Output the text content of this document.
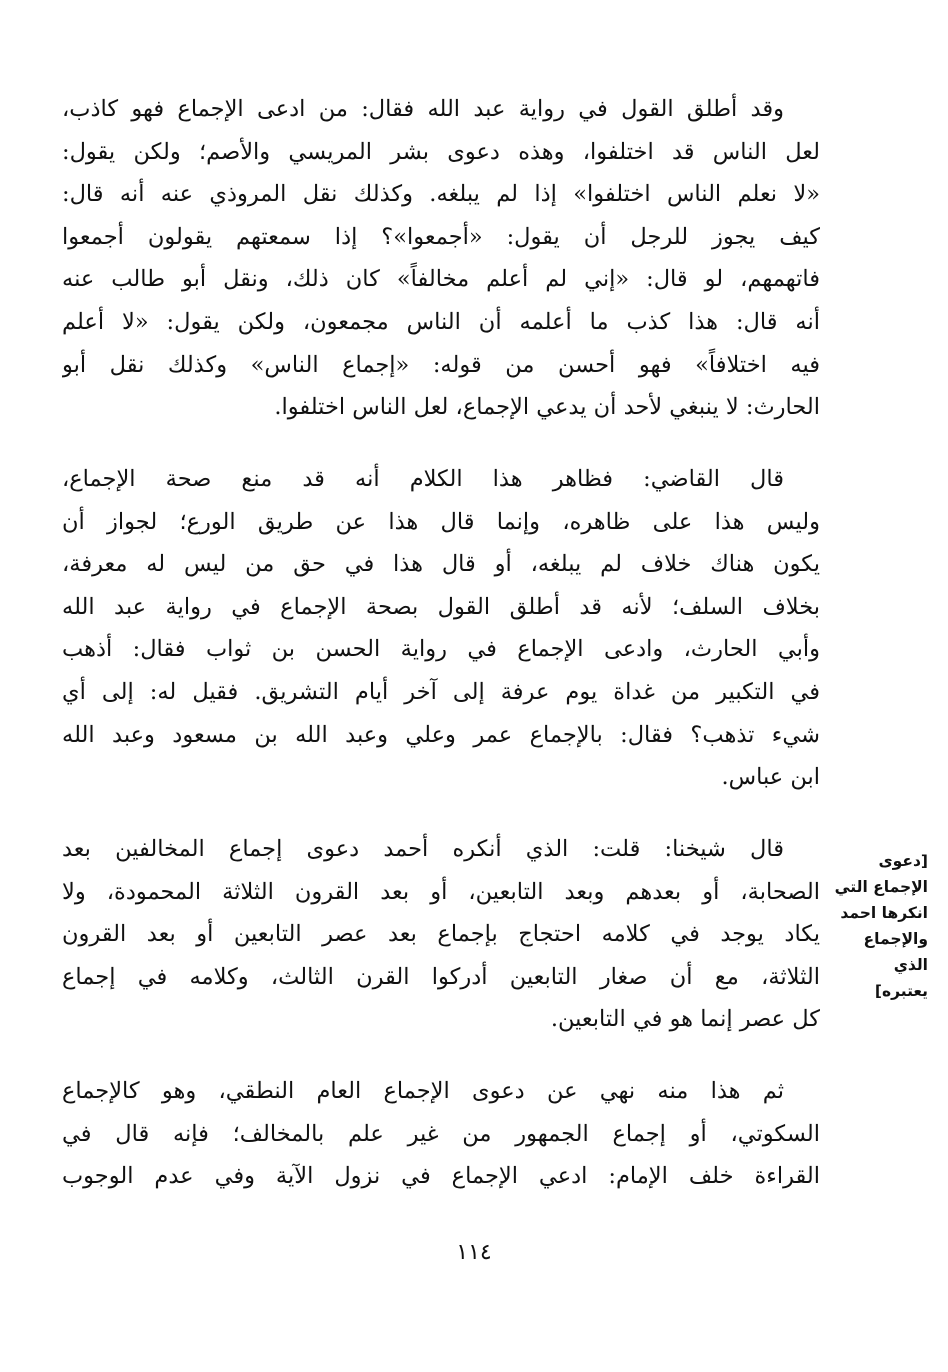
وقد أطلق القول في رواية عبد الله فقال: من ادعى الإجماع فهو كاذب،
لعل الناس قد اختلفوا، وهذه دعوى بشر المريسي والأصم؛ ولكن يقول:
«لا نعلم الناس اختلفوا» إذا لم يبلغه. وكذلك نقل المروذي عنه أنه قال:
كيف يجوز للرجل أن يقول: «أجمعوا»؟ إذا سمعتهم يقولون أجمعوا
فاتهمهم، لو قال: «إني لم أعلم مخالفاً» كان ذلك، ونقل أبو طالب عنه
أنه قال: هذا كذب ما أعلمه أن الناس مجمعون، ولكن يقول: «لا أعلم
فيه اختلافاً» فهو أحسن من قوله: «إجماع الناس» وكذلك نقل أبو
الحارث: لا ينبغي لأحد أن يدعي الإجماع، لعل الناس اختلفوا.
قال القاضي: فظاهر هذا الكلام أنه قد منع صحة الإجماع،
وليس هذا على ظاهره، وإنما قال هذا عن طريق الورع؛ لجواز أن
يكون هناك خلاف لم يبلغه، أو قال هذا في حق من ليس له معرفة،
بخلاف السلف؛ لأنه قد أطلق القول بصحة الإجماع في رواية عبد الله
وأبي الحارث، وادعى الإجماع في رواية الحسن بن ثواب فقال: أذهب
في التكبير من غداة يوم عرفة إلى آخر أيام التشريق. فقيل له: إلى أي
شيء تذهب؟ فقال: بالإجماع عمر وعلي وعبد الله بن مسعود وعبد الله
ابن عباس.
قال شيخنا: قلت: الذي أنكره أحمد دعوى إجماع المخالفين بعد
الصحابة، أو بعدهم وبعد التابعين، أو بعد القرون الثلاثة المحمودة، ولا
يكاد يوجد في كلامه احتجاج بإجماع بعد عصر التابعين أو بعد القرون
الثلاثة، مع أن صغار التابعين أدركوا القرن الثالث، وكلامه في إجماع
كل عصر إنما هو في التابعين.
[دعوى
الإجماع التي
انكرها احمد
والإجماع
الذي
يعتبره]
ثم هذا منه نهي عن دعوى الإجماع العام النطقي، وهو كالإجماع
السكوتي، أو إجماع الجمهور من غير علم بالمخالف؛ فإنه قال في
القراءة خلف الإمام: ادعي الإجماع في نزول الآية وفي عدم الوجوب
١١٤
